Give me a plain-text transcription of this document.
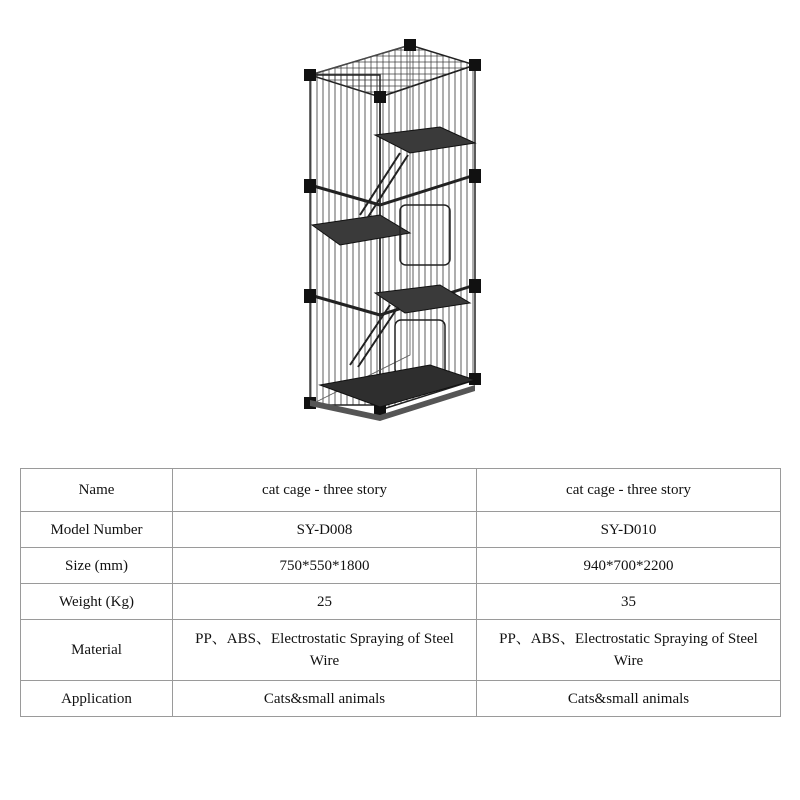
Name	cat cage - three story	cat cage - three story
Model Number	SY-D008	SY-D010
Size (mm)	750*550*1800	940*700*2200
Weight (Kg)	25	35
Material	PP、ABS、Electrostatic Spraying of Steel Wire	PP、ABS、Electrostatic Spraying of Steel Wire
Application	Cats&small animals	Cats&small animals
